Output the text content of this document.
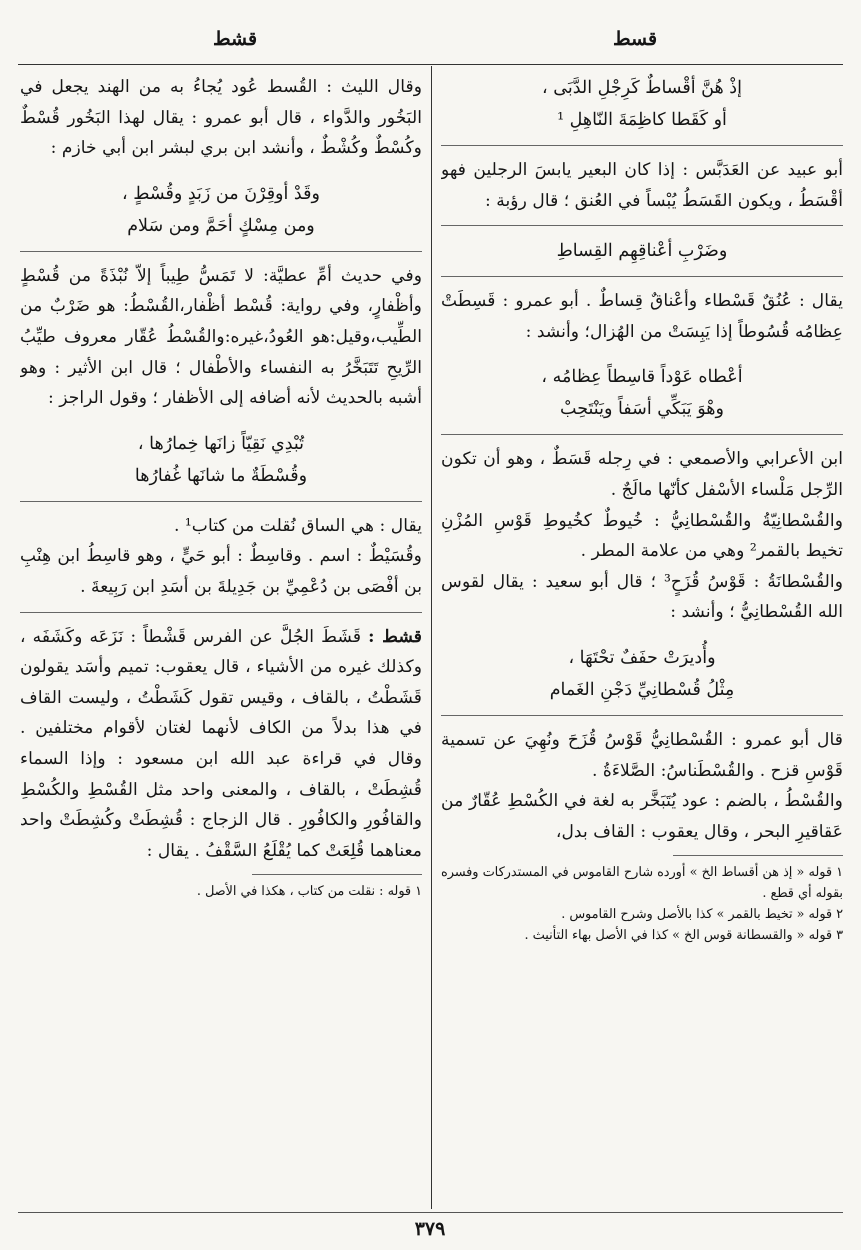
قسط
قشط
إذْ هُنَّ أقْساطٌ كَرِجْلِ الدَّبَى ،
أو كَقَطا كاظِمَةَ النّاهِلِ ¹

أبو عبيد عن العَدَبَّس : إذا كان البعير يابسَ الرجلين فهو أقْسَطُ ، ويكون القَسَطُ يُبْساً في العُنق ؛ قال رؤبة :

وضَرْبِ أعْناقِهِم القِساطِ

يقال : عُنُقٌ قَسْطاء وأعْناقٌ قِساطٌ . أبو عمرو : قَسِطَتْ عِظامُه قُسُوطاً إذا يَبِسَتْ من الهُزال؛ وأنشد :

أعْطاه عَوْداً قاسِطاً عِظامُه ،
وهْوَ يَبَكِّي أسَفاً ويَنْتَحِبْ

ابن الأعرابي والأصمعي : في رِجله قَسَطٌ ، وهو أن تكون الرِّجل مَلْساء الأسْفل كأنّها مالَجٌ .

والقُسْطانِيّةُ والقُسْطانِيُّ : خُيوطٌ كخُيوطِ قَوْسِ المُزْنِ تخيط بالقمر² وهي من علامة المطر .

والقُسْطانَةُ : قَوْسُ قُزَحٍ³ ؛ قال أبو سعيد : يقال لقوس الله القُسْطانِيُّ ؛ وأنشد :

وأُديرَتْ حفَفٌ تحْتَهَا ،
مِثْلُ قُسْطانِيِّ دَجْنِ الغَمام

قال أبو عمرو : القُسْطانِيُّ قَوْسُ قُزَحَ ونُهِيَ عن تسمية قَوْسِ قزح . والقُسْطَناسُ: الصَّلاءَةُ .

والقُسْطُ ، بالضم : عود يُتَبَخَّر به لغة في الكُسْطِ عُقّارٌ من عَقاقيرِ البحر ، وقال يعقوب : القاف بدل،

١ قوله « إذ هن أقساط الخ » أورده شارح القاموس في المستدركات وفسره بقوله أي قطع .

٢ قوله « تخيط بالقمر » كذا بالأصل وشرح القاموس .

٣ قوله « والقسطانة قوس الخ » كذا في الأصل بهاء التأنيث .

وقال الليث : القُسط عُود يُجاءُ به من الهند يجعل في البَخُور والدَّواء ، قال أبو عمرو : يقال لهذا البَخُور قُسْطٌ وكُسْطٌ وكُشْطٌ ، وأنشد ابن بري لبشر ابن أبي خازم :

وقَدْ أوقِرْنَ من زَبَدٍ وقُسْطٍ ،
ومن مِسْكٍ أحَمَّ ومن سَلام

وفي حديث أمِّ عطيَّة: لا تَمَسُّ طِيباً إلاّ نُبْذَةً من قُسْطٍ وأظْفارٍ، وفي رواية: قُسْط أظْفار،القُسْطُ: هو ضَرْبٌ من الطِّيب،وقيل:هو العُودُ،غيره:والقُسْطُ عُقّار معروف طيِّبُ الرِّيحِ تَتَبَخَّرُ به النفساء والأطْفال ؛ قال ابن الأثير : وهو أشبه بالحديث لأنه أضافه إلى الأظفار ؛ وقول الراجز :

تُبْدِي نَقِيّاً زانَها خِمارُها ،
وقُسْطَةٌ ما شانَها غُفارُها

يقال : هي الساق نُقلت من كتاب¹ .

وقُسَيْطٌ : اسم . وقاسِطٌ : أبو حَيٍّ ، وهو قاسِطُ ابن هِنْبِ بن أفْصَى بن دُعْمِيِّ بن جَدِيلةَ بن أسَدِ ابن رَبِيعةَ .

قشط : قَشَطَ الجُلَّ عن الفرس قَشْطاً : نَزَعَه وكَشَفَه ، وكذلك غيره من الأشياء ، قال يعقوب: تميم وأسَد يقولون قَشَطْتُ ، بالقاف ، وقيس تقول كَشَطْتُ ، وليست القاف في هذا بدلاً من الكاف لأنهما لغتان لأقوام مختلفين . وقال في قراءة عبد الله ابن مسعود : وإذا السماء قُشِطَتْ ، بالقاف ، والمعنى واحد مثل القُسْطِ والكُسْطِ والقافُورِ والكافُورِ . قال الزجاج : قُشِطَتْ وكُشِطَتْ واحد معناهما قُلِعَتْ كما يُقْلَعُ السَّقْفُ . يقال :

١ قوله : نقلت من كتاب ، هكذا في الأصل .

٣٧٩
